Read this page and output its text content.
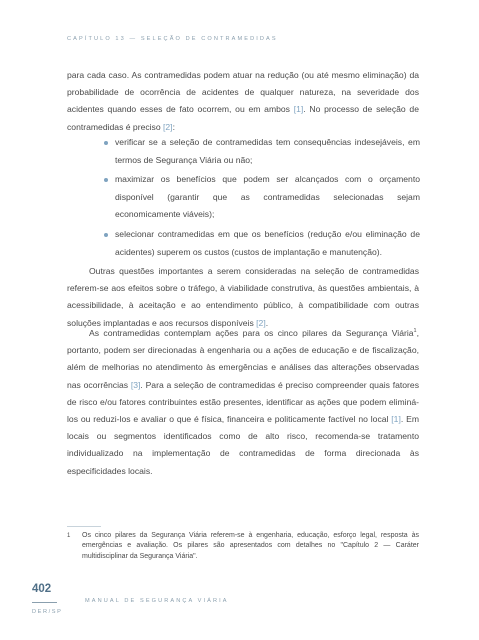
CAPÍTULO 13 — SELEÇÃO DE CONTRAMEDIDAS

para cada caso. As contramedidas podem atuar na redução (ou até mesmo eliminação) da probabilidade de ocorrência de acidentes de qualquer natureza, na severidade dos acidentes quando esses de fato ocorrem, ou em ambos [1]. No processo de seleção de contramedidas é preciso [2]:

verificar se a seleção de contramedidas tem consequências indesejáveis, em termos de Segurança Viária ou não;
maximizar os benefícios que podem ser alcançados com o orçamento disponível (garantir que as contramedidas selecionadas sejam economicamente viáveis);
selecionar contramedidas em que os benefícios (redução e/ou eliminação de acidentes) superem os custos (custos de implantação e manutenção).

Outras questões importantes a serem consideradas na seleção de contramedidas referem-se aos efeitos sobre o tráfego, à viabilidade construtiva, às questões ambientais, à acessibilidade, à aceitação e ao entendimento público, à compatibilidade com outras soluções implantadas e aos recursos disponíveis [2].

As contramedidas contemplam ações para os cinco pilares da Segurança Viária$^1$, portanto, podem ser direcionadas à engenharia ou a ações de educação e de fiscalização, além de melhorias no atendimento às emergências e análises das alterações observadas nas ocorrências [3]. Para a seleção de contramedidas é preciso compreender quais fatores de risco e/ou fatores contribuintes estão presentes, identificar as ações que podem eliminá-los ou reduzi-los e avaliar o que é física, financeira e politicamente factível no local [1]. Em locais ou segmentos identificados como de alto risco, recomenda-se tratamento individualizado na implementação de contramedidas de forma direcionada às especificidades locais.

1 Os cinco pilares da Segurança Viária referem-se à engenharia, educação, esforço legal, resposta às emergências e avaliação. Os pilares são apresentados com detalhes no "Capítulo 2 — Caráter multidisciplinar da Segurança Viária".
402
DER/SP
MANUAL DE SEGURANÇA VIÁRIA
